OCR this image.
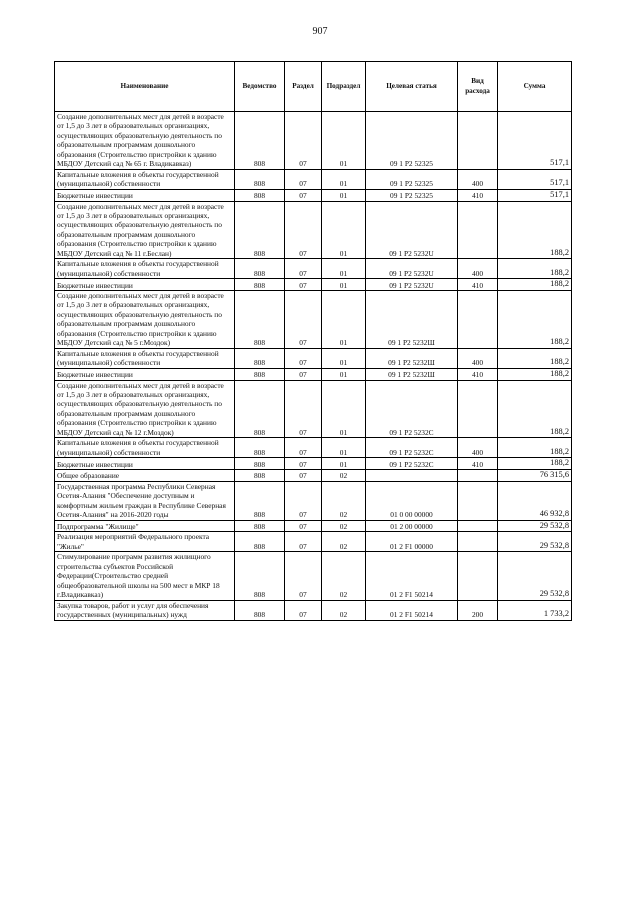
907
Наименование	Ведомство	Раздел	Подраздел	Целевая статья	Вид расхода	Сумма
Создание дополнительных мест для детей в возрасте от 1,5 до 3 лет в образовательных организациях, осуществляющих образовательную деятельность по образовательным программам дошкольного образования (Строительство пристройки к зданию МБДОУ Детский сад № 65 г. Владикавказ)	808	07	01	09 1 P2 52325		517,1
Капитальные вложения в объекты государственной (муниципальной) собственности	808	07	01	09 1 P2 52325	400	517,1
Бюджетные инвестиции	808	07	01	09 1 P2 52325	410	517,1
Создание дополнительных мест для детей в возрасте от 1,5 до 3 лет в образовательных организациях, осуществляющих образовательную деятельность по образовательным программам дошкольного образования (Строительство пристройки к зданию МБДОУ Детский сад № 11 г.Беслан)	808	07	01	09 1 P2 5232U		188,2
Капитальные вложения в объекты государственной (муниципальной) собственности	808	07	01	09 1 P2 5232U	400	188,2
Бюджетные инвестиции	808	07	01	09 1 P2 5232U	410	188,2
Создание дополнительных мест для детей в возрасте от 1,5 до 3 лет в образовательных организациях, осуществляющих образовательную деятельность по образовательным программам дошкольного образования (Строительство пристройки к зданию МБДОУ Детский сад № 5 г.Моздок)	808	07	01	09 1 P2 5232Ш		188,2
Капитальные вложения в объекты государственной (муниципальной) собственности	808	07	01	09 1 P2 5232Ш	400	188,2
Бюджетные инвестиции	808	07	01	09 1 P2 5232Ш	410	188,2
Создание дополнительных мест для детей в возрасте от 1,5 до 3 лет в образовательных организациях, осуществляющих образовательную деятельность по образовательным программам дошкольного образования (Строительство пристройки к зданию МБДОУ Детский сад № 12 г.Моздок)	808	07	01	09 1 P2 5232С		188,2
Капитальные вложения в объекты государственной (муниципальной) собственности	808	07	01	09 1 P2 5232С	400	188,2
Бюджетные инвестиции	808	07	01	09 1 P2 5232С	410	188,2
Общее образование	808	07	02			76 315,6
Государственная программа Республики Северная Осетия-Алания "Обеспечение доступным и комфортным жильем граждан в Республике Северная Осетия-Алания" на 2016-2020 годы	808	07	02	01 0 00 00000		46 932,8
Подпрограмма "Жилище"	808	07	02	01 2 00 00000		29 532,8
Реализация мероприятий Федерального проекта "Жилье"	808	07	02	01 2 F1 00000		29 532,8
Стимулирование программ развития жилищного строительства субъектов Российской Федерации(Строительство средней общеобразовательной школы на 500 мест в МКР 18 г.Владикавказ)	808	07	02	01 2 F1 50214		29 532,8
Закупка товаров, работ и услуг для обеспечения государственных (муниципальных) нужд	808	07	02	01 2 F1 50214	200	1 733,2
